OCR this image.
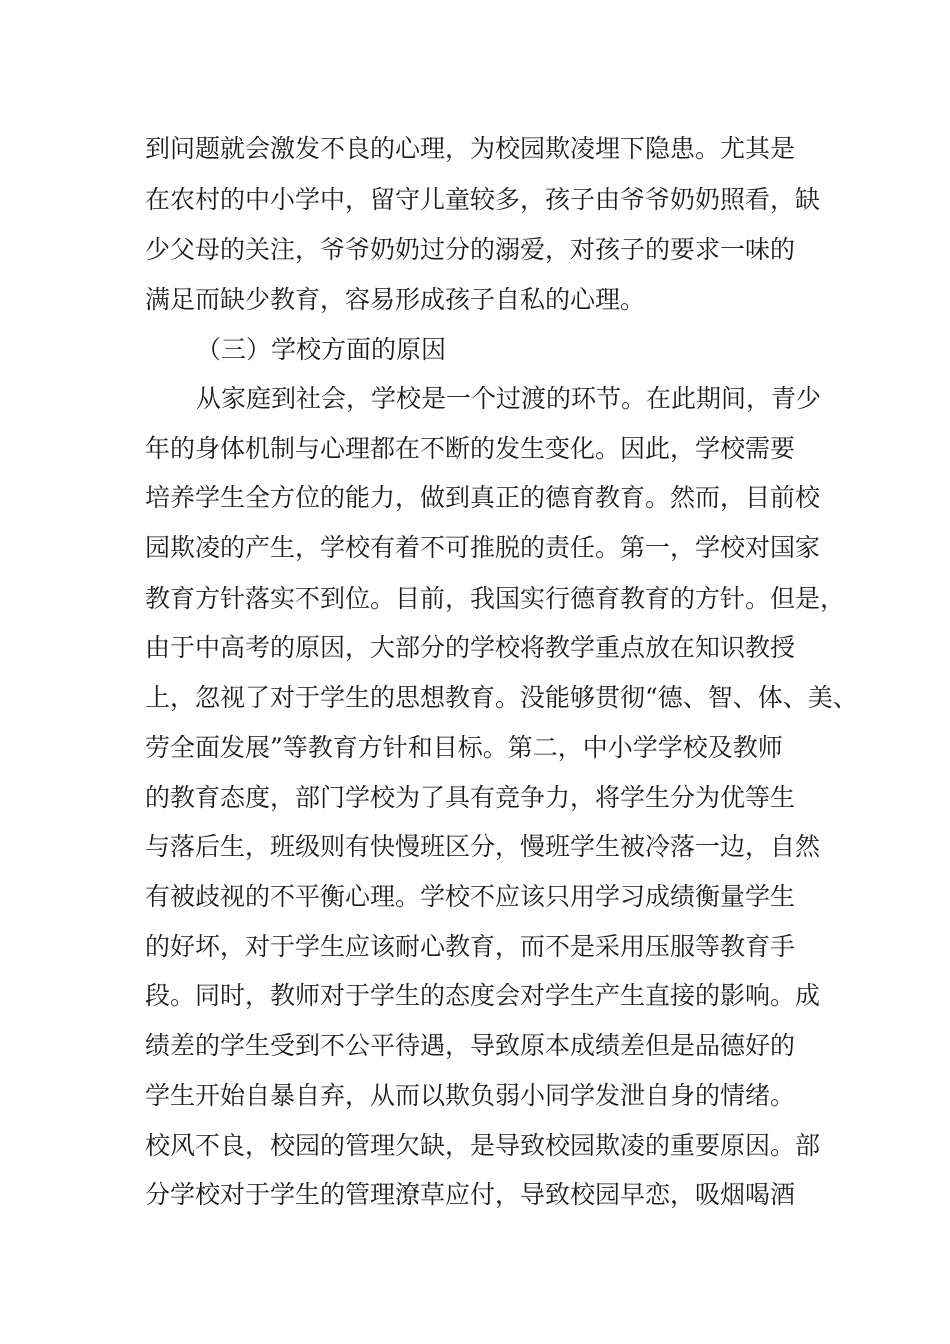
到问题就会激发不良的心理，为校园欺凌埋下隐患。尤其是
在农村的中小学中，留守儿童较多，孩子由爷爷奶奶照看，缺
少父母的关注，爷爷奶奶过分的溺爱，对孩子的要求一味的
满足而缺少教育，容易形成孩子自私的心理。
（三）学校方面的原因
从家庭到社会，学校是一个过渡的环节。在此期间，青少
年的身体机制与心理都在不断的发生变化。因此，学校需要
培养学生全方位的能力，做到真正的德育教育。然而，目前校
园欺凌的产生，学校有着不可推脱的责任。第一，学校对国家
教育方针落实不到位。目前，我国实行德育教育的方针。但是，
由于中高考的原因，大部分的学校将教学重点放在知识教授
上，忽视了对于学生的思想教育。没能够贯彻“德、智、体、美、
劳全面发展”等教育方针和目标。第二，中小学学校及教师
的教育态度，部门学校为了具有竞争力，将学生分为优等生
与落后生，班级则有快慢班区分，慢班学生被冷落一边，自然
有被歧视的不平衡心理。学校不应该只用学习成绩衡量学生
的好坏，对于学生应该耐心教育，而不是采用压服等教育手
段。同时，教师对于学生的态度会对学生产生直接的影响。成
绩差的学生受到不公平待遇，导致原本成绩差但是品德好的
学生开始自暴自弃，从而以欺负弱小同学发泄自身的情绪。
校风不良，校园的管理欠缺，是导致校园欺凌的重要原因。部
分学校对于学生的管理潦草应付，导致校园早恋，吸烟喝酒
